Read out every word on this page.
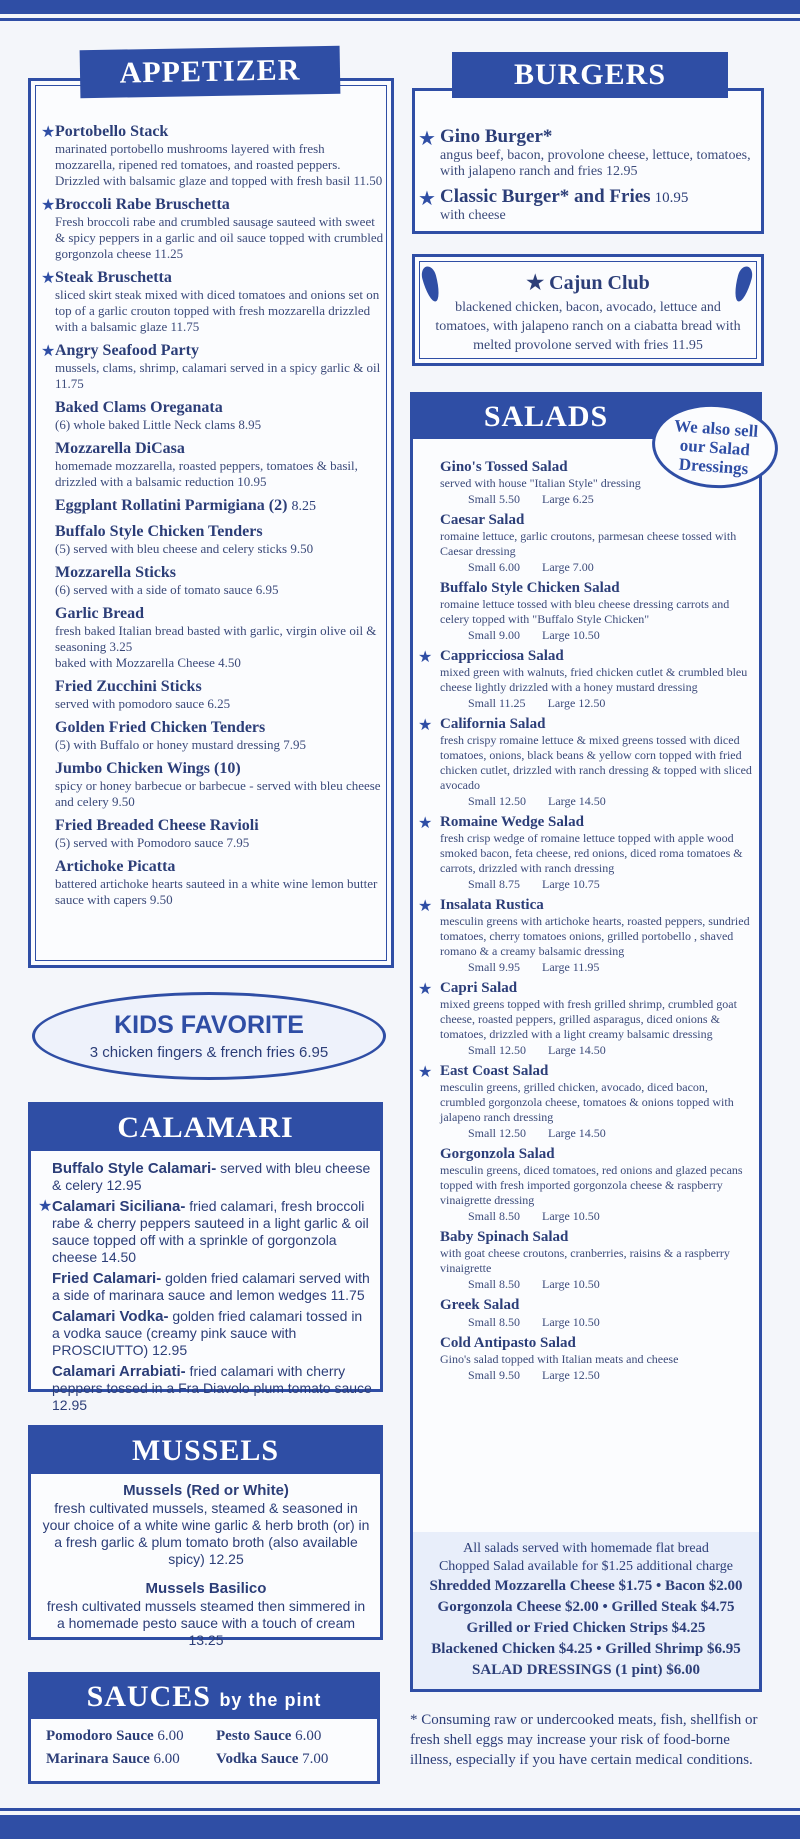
APPETIZER
★ Portobello Stack
marinated portobello mushrooms layered with fresh mozzarella, ripened red tomatoes, and roasted peppers. Drizzled with balsamic glaze and topped with fresh basil 11.50
★ Broccoli Rabe Bruschetta
Fresh broccoli rabe and crumbled sausage sauteed with sweet & spicy peppers in a garlic and oil sauce topped with crumbled gorgonzola cheese 11.25
★ Steak Bruschetta
sliced skirt steak mixed with diced tomatoes and onions set on top of a garlic crouton topped with fresh mozzarella drizzled with a balsamic glaze 11.75
★ Angry Seafood Party
mussels, clams, shrimp, calamari served in a spicy garlic & oil 11.75
Baked Clams Oreganata
(6) whole baked Little Neck clams 8.95
Mozzarella DiCasa
homemade mozzarella, roasted peppers, tomatoes & basil, drizzled with a balsamic reduction 10.95
Eggplant Rollatini Parmigiana (2) 8.25
Buffalo Style Chicken Tenders
(5) served with bleu cheese and celery sticks 9.50
Mozzarella Sticks
(6) served with a side of tomato sauce 6.95
Garlic Bread
fresh baked Italian bread basted with garlic, virgin olive oil & seasoning 3.25
baked with Mozzarella Cheese 4.50
Fried Zucchini Sticks
served with pomodoro sauce 6.25
Golden Fried Chicken Tenders
(5) with Buffalo or honey mustard dressing 7.95
Jumbo Chicken Wings (10)
spicy or honey barbecue or barbecue - served with bleu cheese and celery 9.50
Fried Breaded Cheese Ravioli
(5) served with Pomodoro sauce 7.95
Artichoke Picatta
battered artichoke hearts sauteed in a white wine lemon butter sauce with capers 9.50
KIDS FAVORITE
3 chicken fingers & french fries 6.95
CALAMARI
Buffalo Style Calamari- served with bleu cheese & celery 12.95
★ Calamari Siciliana- fried calamari, fresh broccoli rabe & cherry peppers sauteed in a light garlic & oil sauce topped off with a sprinkle of gorgonzola cheese 14.50
Fried Calamari- golden fried calamari served with a side of marinara sauce and lemon wedges 11.75
Calamari Vodka- golden fried calamari tossed in a vodka sauce (creamy pink sauce with PROSCIUTTO) 12.95
Calamari Arrabiati- fried calamari with cherry peppers tossed in a Fra Diavolo plum tomato sauce 12.95
MUSSELS
Mussels (Red or White)
fresh cultivated mussels, steamed & seasoned in your choice of a white wine garlic & herb broth (or) in a fresh garlic & plum tomato broth (also available spicy) 12.25
Mussels Basilico
fresh cultivated mussels steamed then simmered in a homemade pesto sauce with a touch of cream 13.25
SAUCES by the pint
Pomodoro Sauce 6.00	Pesto Sauce 6.00
Marinara Sauce 6.00	Vodka Sauce 7.00
BURGERS
★ Gino Burger*
angus beef, bacon, provolone cheese, lettuce, tomatoes, with jalapeno ranch and fries 12.95
★ Classic Burger* and Fries 10.95
with cheese
★ Cajun Club
blackened chicken, bacon, avocado, lettuce and tomatoes, with jalapeno ranch on a ciabatta bread with melted provolone served with fries 11.95
SALADS	We also sell our Salad Dressings
Gino's Tossed Salad
served with house "Italian Style" dressing
Small 5.50 Large 6.25
Caesar Salad
romaine lettuce, garlic croutons, parmesan cheese tossed with Caesar dressing
Small 6.00 Large 7.00
Buffalo Style Chicken Salad
romaine lettuce tossed with bleu cheese dressing carrots and celery topped with "Buffalo Style Chicken"
Small 9.00 Large 10.50
★ Cappricciosa Salad
mixed green with walnuts, fried chicken cutlet & crumbled bleu cheese lightly drizzled with a honey mustard dressing
Small 11.25 Large 12.50
★ California Salad
fresh crispy romaine lettuce & mixed greens tossed with diced tomatoes, onions, black beans & yellow corn topped with fried chicken cutlet, drizzled with ranch dressing & topped with sliced avocado
Small 12.50 Large 14.50
★ Romaine Wedge Salad
fresh crisp wedge of romaine lettuce topped with apple wood smoked bacon, feta cheese, red onions, diced roma tomatoes & carrots, drizzled with ranch dressing
Small 8.75 Large 10.75
★ Insalata Rustica
mesculin greens with artichoke hearts, roasted peppers, sundried tomatoes, cherry tomatoes onions, grilled portobello , shaved romano & a creamy balsamic dressing
Small 9.95 Large 11.95
★ Capri Salad
mixed greens topped with fresh grilled shrimp, crumbled goat cheese, roasted peppers, grilled asparagus, diced onions & tomatoes, drizzled with a light creamy balsamic dressing
Small 12.50 Large 14.50
★ East Coast Salad
mesculin greens, grilled chicken, avocado, diced bacon, crumbled gorgonzola cheese, tomatoes & onions topped with jalapeno ranch dressing
Small 12.50 Large 14.50
Gorgonzola Salad
mesculin greens, diced tomatoes, red onions and glazed pecans topped with fresh imported gorgonzola cheese & raspberry vinaigrette dressing
Small 8.50 Large 10.50
Baby Spinach Salad
with goat cheese croutons, cranberries, raisins & a raspberry vinaigrette
Small 8.50 Large 10.50
Greek Salad
Small 8.50 Large 10.50
Cold Antipasto Salad
Gino's salad topped with Italian meats and cheese
Small 9.50 Large 12.50
All salads served with homemade flat bread
Chopped Salad available for $1.25 additional charge
Shredded Mozzarella Cheese $1.75 • Bacon $2.00
Gorgonzola Cheese $2.00 • Grilled Steak $4.75
Grilled or Fried Chicken Strips $4.25
Blackened Chicken $4.25 • Grilled Shrimp $6.95
SALAD DRESSINGS (1 pint) $6.00
* Consuming raw or undercooked meats, fish, shellfish or fresh shell eggs may increase your risk of food-borne illness, especially if you have certain medical conditions.
